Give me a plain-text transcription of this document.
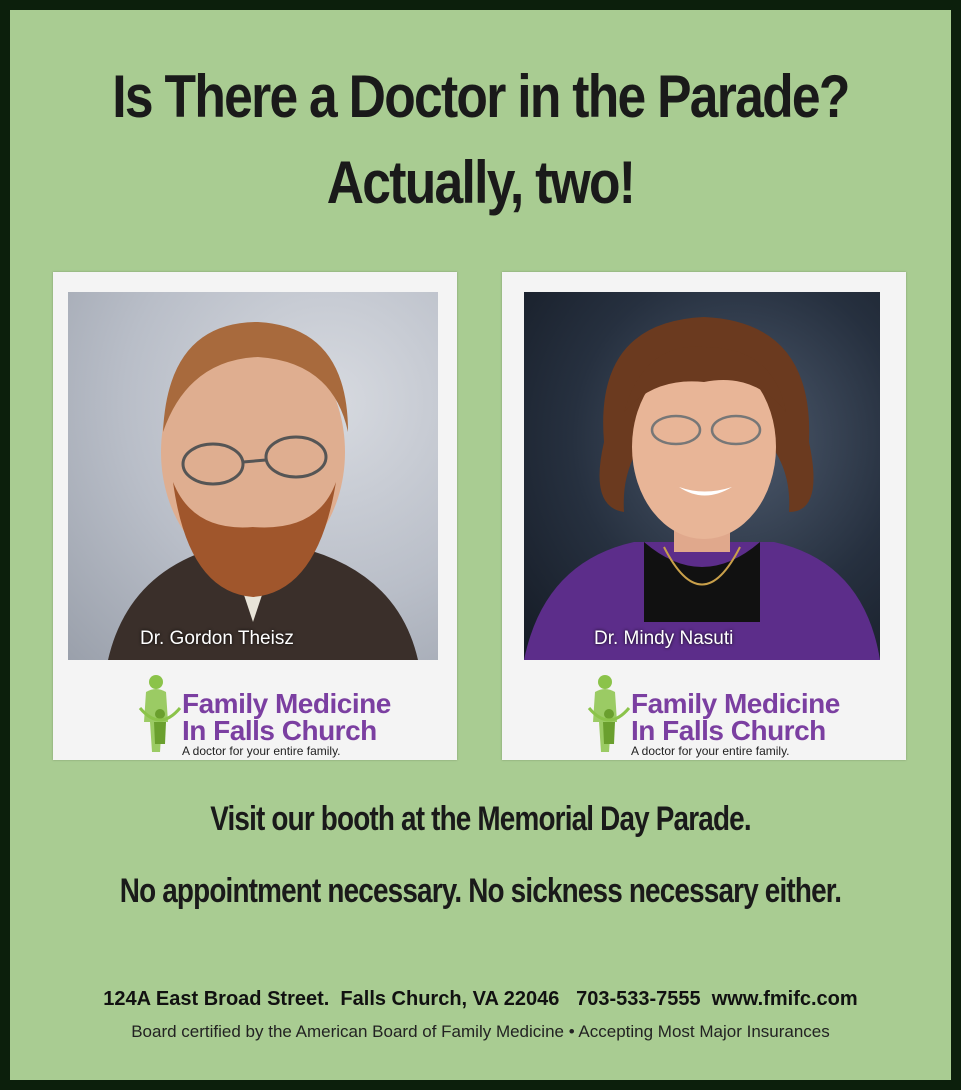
Is There a Doctor in the Parade?
Actually, two!
Dr. Gordon Theisz
Family Medicine
In Falls Church
A doctor for your entire family.
Dr. Mindy Nasuti
Family Medicine
In Falls Church
A doctor for your entire family.
Visit our booth at the Memorial Day Parade.
No appointment necessary. No sickness necessary either.
124A East Broad Street.  Falls Church, VA 22046   703-533-7555  www.fmifc.com
Board certified by the American Board of Family Medicine • Accepting Most Major Insurances
